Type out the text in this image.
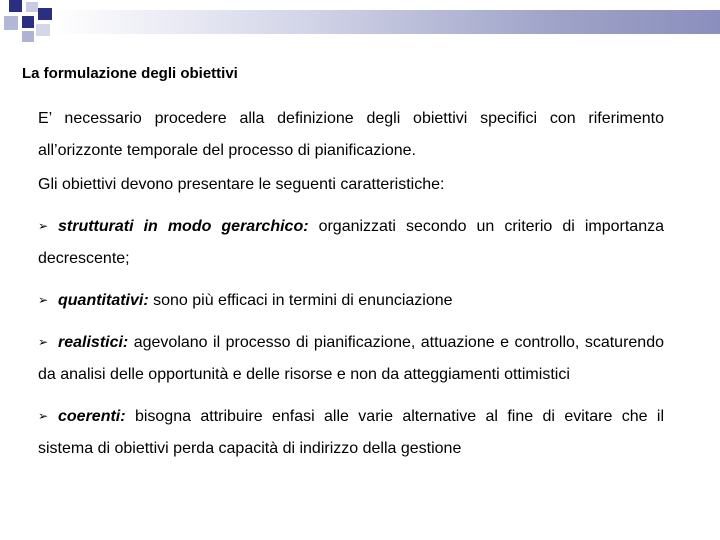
La formulazione degli obiettivi
E’ necessario procedere alla definizione degli obiettivi specifici con riferimento all’orizzonte temporale del processo di pianificazione.
Gli obiettivi devono presentare le seguenti caratteristiche:
➢ strutturati in modo gerarchico: organizzati secondo un criterio di importanza decrescente;
➢ quantitativi: sono più efficaci in termini di enunciazione
➢ realistici: agevolano il processo di pianificazione, attuazione e controllo, scaturendo da analisi delle opportunità e delle risorse e non da atteggiamenti ottimistici
➢ coerenti: bisogna attribuire enfasi alle varie alternative al fine di evitare che il sistema di obiettivi perda capacità di indirizzo della gestione
